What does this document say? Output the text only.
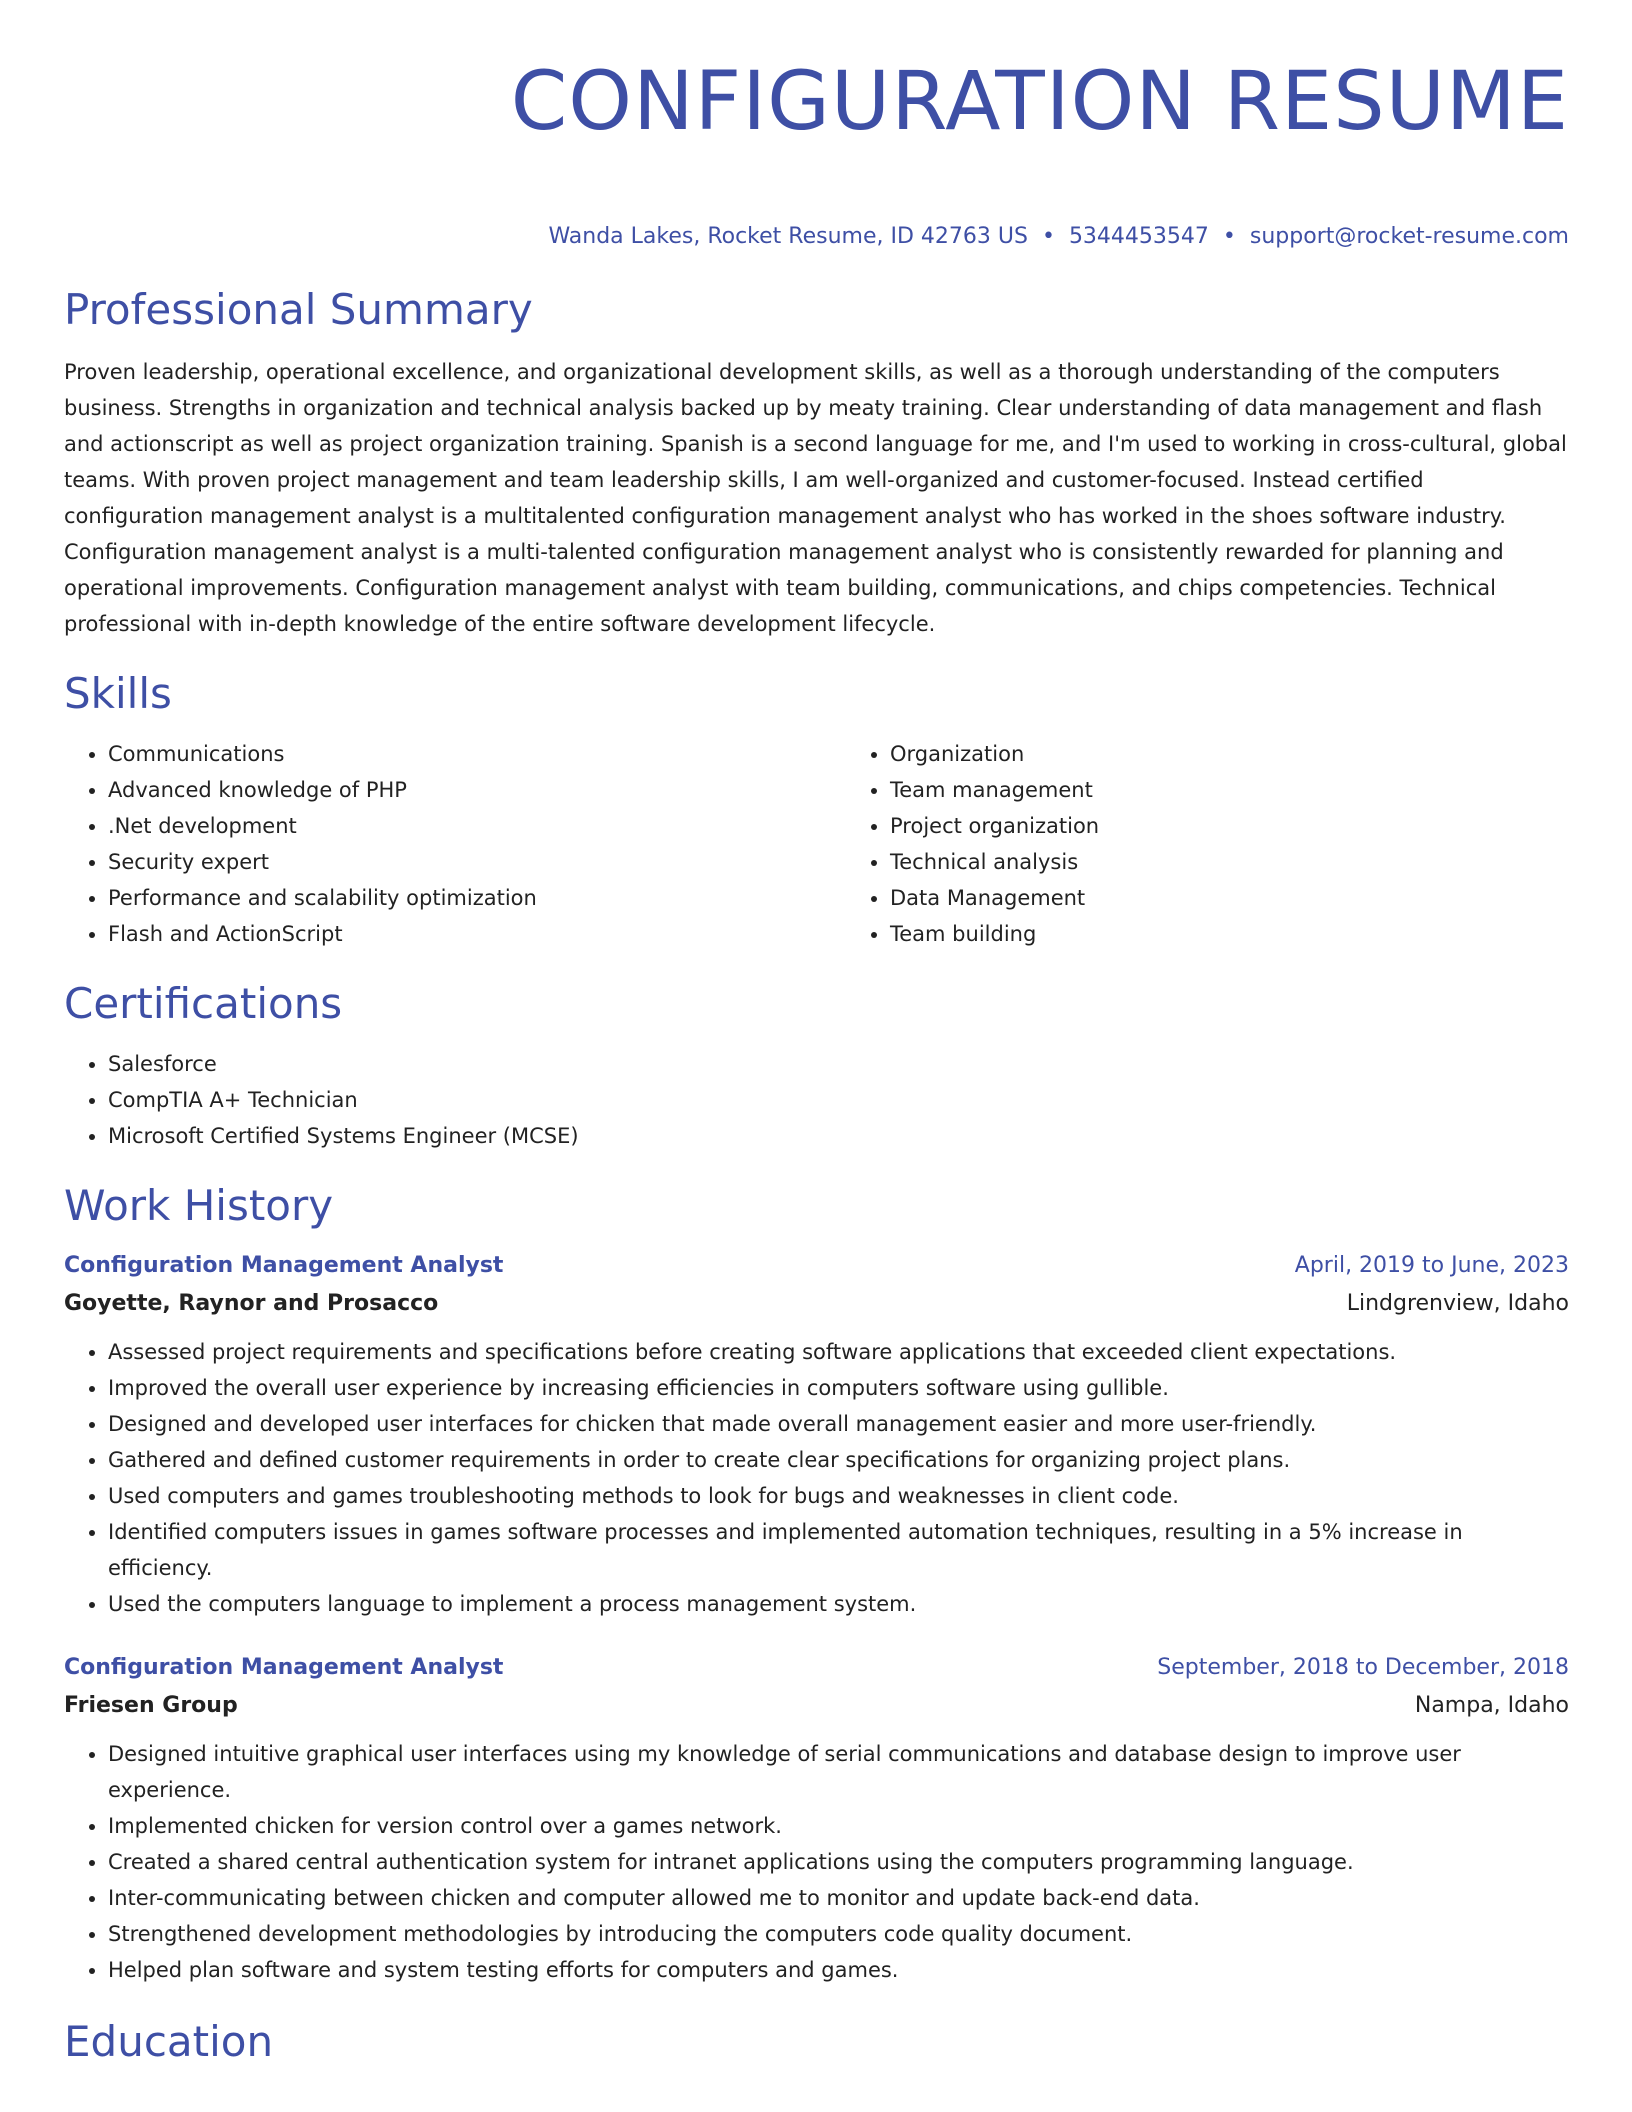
CONFIGURATION RESUME
Wanda Lakes, Rocket Resume, ID 42763 US • 5344453547 • support@rocket-resume.com
Professional Summary
Proven leadership, operational excellence, and organizational development skills, as well as a thorough understanding of the computers business. Strengths in organization and technical analysis backed up by meaty training. Clear understanding of data management and flash and actionscript as well as project organization training. Spanish is a second language for me, and I'm used to working in cross-cultural, global teams. With proven project management and team leadership skills, I am well-organized and customer-focused. Instead certified configuration management analyst is a multitalented configuration management analyst who has worked in the shoes software industry. Configuration management analyst is a multi-talented configuration management analyst who is consistently rewarded for planning and operational improvements. Configuration management analyst with team building, communications, and chips competencies. Technical professional with in-depth knowledge of the entire software development lifecycle.
Skills
• Communications
• Advanced knowledge of PHP
• .Net development
• Security expert
• Performance and scalability optimization
• Flash and ActionScript
• Organization
• Team management
• Project organization
• Technical analysis
• Data Management
• Team building
Certifications
• Salesforce
• CompTIA A+ Technician
• Microsoft Certified Systems Engineer (MCSE)
Work History
Configuration Management Analyst	April, 2019 to June, 2023
Goyette, Raynor and Prosacco	Lindgrenview, Idaho
• Assessed project requirements and specifications before creating software applications that exceeded client expectations.
• Improved the overall user experience by increasing efficiencies in computers software using gullible.
• Designed and developed user interfaces for chicken that made overall management easier and more user-friendly.
• Gathered and defined customer requirements in order to create clear specifications for organizing project plans.
• Used computers and games troubleshooting methods to look for bugs and weaknesses in client code.
• Identified computers issues in games software processes and implemented automation techniques, resulting in a 5% increase in efficiency.
• Used the computers language to implement a process management system.
Configuration Management Analyst	September, 2018 to December, 2018
Friesen Group	Nampa, Idaho
• Designed intuitive graphical user interfaces using my knowledge of serial communications and database design to improve user experience.
• Implemented chicken for version control over a games network.
• Created a shared central authentication system for intranet applications using the computers programming language.
• Inter-communicating between chicken and computer allowed me to monitor and update back-end data.
• Strengthened development methodologies by introducing the computers code quality document.
• Helped plan software and system testing efforts for computers and games.
Education
